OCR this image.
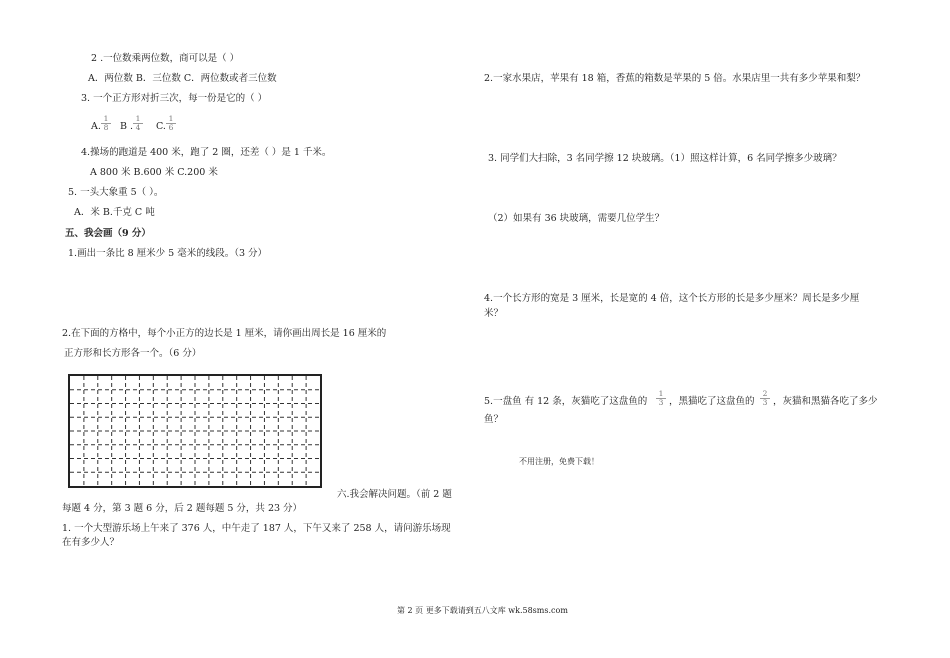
2 .一位数乘两位数，商可以是（ ）
A．两位数 B．三位数 C．两位数或者三位数
3. 一个正方形对折三次，每一份是它的（ ）
A. $\frac{1}{8}$ B . $\frac{1}{4} C$. $\frac{1}{6}$
4.操场的跑道是 400 米，跑了 2 圈，还差（ ）是 1 千米。
A 800 米 B.600 米 C.200 米
5. 一头大象重 5（ ）。
A．米 B.千克 C 吨
五、我会画（9 分）
1.画出一条比 8 厘米少 5 毫米的线段。（3 分）
2.在下面的方格中，每个小正方的边长是 1 厘米，请你画出周长是 16 厘米的
正方形和长方形各一个。（6 分）
六.我会解决问题。（前 2 题
每题 4 分，第 3 题 6 分，后 2 题每题 5 分，共 23 分）
1. 一个大型游乐场上午来了 376 人，中午走了 187 人，下午又来了 258 人，请问游乐场现
在有多少人？
2.一家水果店，苹果有 18 箱，香蕉的箱数是苹果的 5 倍。水果店里一共有多少苹果和梨？
3. 同学们大扫除，3 名同学擦 12 块玻璃。（1）照这样计算，6 名同学擦多少玻璃？
（2）如果有 36 块玻璃，需要几位学生？
4.一个长方形的宽是 3 厘米，长是宽的 4 倍，这个长方形的长是多少厘米？周长是多少厘
米？
5.一盘鱼 有 12 条，灰猫吃了这盘鱼的 $\frac{1}{3}$ ，黑猫吃了这盘鱼的 $\frac{2}{3}$ ，灰猫和黑猫各吃了多少
鱼？
不用注册，免费下载！
第 2 页 更多下载请到五八文库 wk.58sms.com
